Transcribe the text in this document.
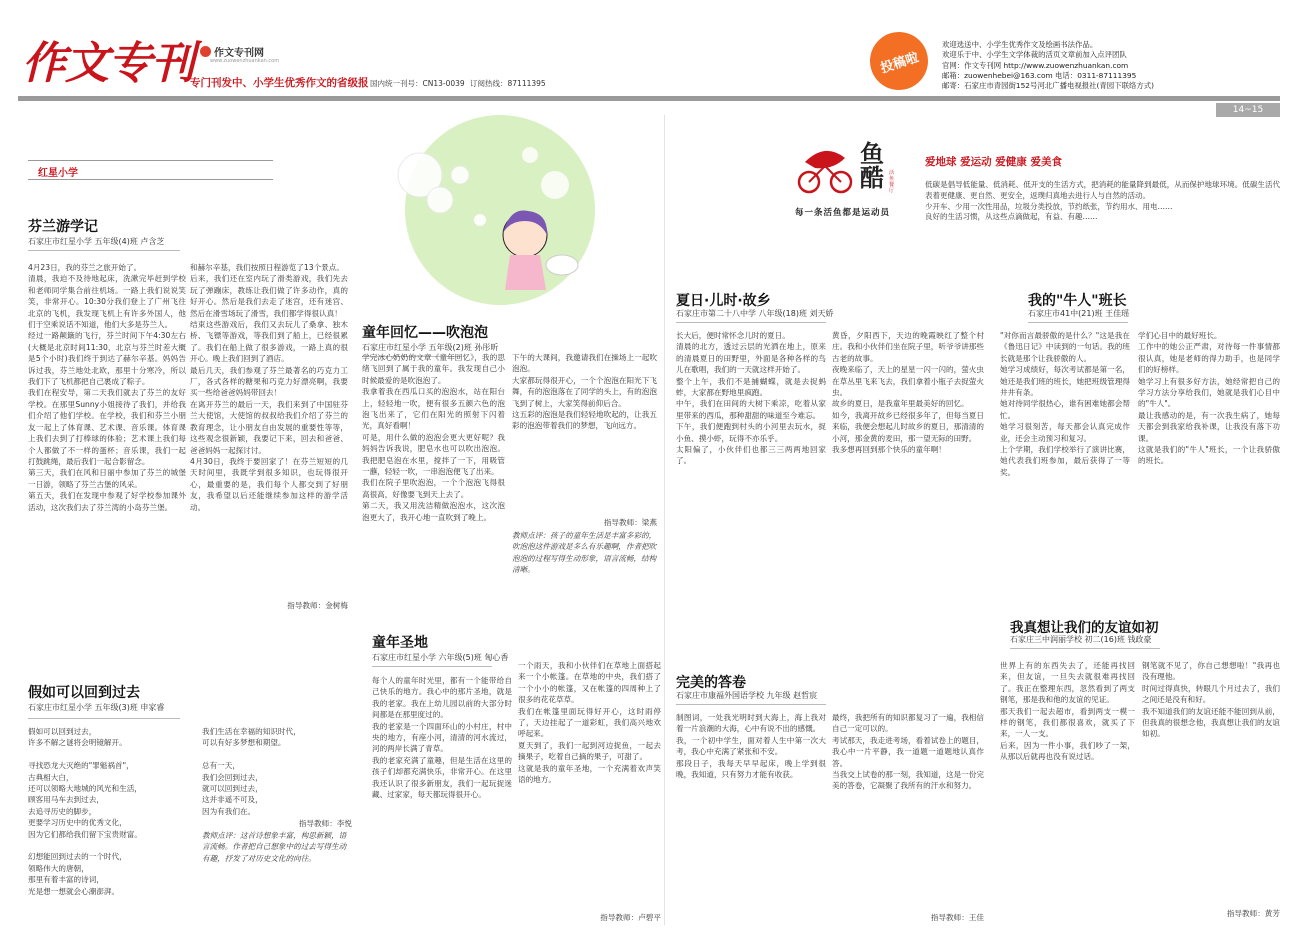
作文专刊 作文专刊网
www.zuowenzhuankan.com
专门刊发中、小学生优秀作文的省级报 国内统一刊号：CN13-0039 订阅热线：87111395
投稿啦
欢迎选送中、小学生优秀作文及绘画书法作品。
欢迎乐于中、小学生文学体裁的活页文章前加入点评团队
官网：作文专刊网 http://www.zuowenzhuankan.com
邮箱：zuowenhebei@163.com 电话：0311-87111395
邮寄：石家庄市青园街152号河北广播电视报社(青园下联络方式)
14~15
红星小学
鱼酷	活鱼餐厅
每一条活鱼都是运动员
爱地球 爱运动 爱健康 爱美食
低碳是倡导低能量、低消耗、低开支的生活方式，把消耗的能量降到最低，从而保护地球环境。低碳生活代表着更健康、更自然、更安全，返璞归真地去进行人与自然的活动。
少开车、少用一次性用品，垃圾分类投放，节约纸张，节约用水、用电……
良好的生活习惯，从这些点滴做起，有益、有趣……
芬兰游学记
石家庄市红星小学 五年级(4)班 卢含芝
4月23日，我的芬兰之旅开始了。
清晨，我迫不及待地起床，洗漱完毕赶到学校和老师同学集合前往机场。一路上我们说说笑笑，非常开心。10:30分我们登上了广州飞往北京的飞机，我发现飞机上有许多外国人，他们于空乘说话不知道，他们大多是芬兰人。
经过一路颠簸的飞行，芬兰时间下午4:30左右(大概是北京时间11:30，北京与芬兰时差大概是5个小时)我们终于到达了赫尔辛基。妈妈告诉过我，芬兰地处北欧，那里十分寒冷，所以我们下了飞机都把自己裹成了粽子。
我们在程安导，第二天我们就去了芬兰的友好学校。在那里Sunny小姐接待了我们，并给我们介绍了他们学校。在学校，我们和芬兰小朋友一起上了体育课、艺术课、音乐课。体育课上我们去到了打棒球的体验；艺术课上我们每个人都做了不一样的蛋杯；音乐课，我们一起打鼓跳绳，最后我们一起合影留念。
第三天，我们在风和日丽中参加了芬兰的城堡一日游，领略了芬兰古堡的风采。
第五天，我们在发现中参观了好学校参加课外活动，这次我们去了芬兰湾的小岛芬兰堡。
和赫尔辛基，我们按照日程游览了13个景点。
后来，我们还在室内玩了滑类游戏，我们先去玩了弹蹦床，教练让我们做了许多动作，真的好开心。然后是我们去走了迷宫，还有迷宫、然后在滑雪场玩了滑雪，我们都学得很认真！
结束这些游戏后，我们又去玩儿了桑拿、独木桥、飞镖等游戏，等我们到了船上，已经很累了。我们在船上做了很多游戏，一路上真的很开心。晚上我们回到了酒店。
最后几天，我们参观了芬兰最著名的巧克力工厂，各式各样的糖果和巧克力好漂亮啊，我要买一些给爸爸妈妈带回去！
在离开芬兰的最后一天，我们来到了中国驻芬兰大使馆，大使馆的叔叔给我们介绍了芬兰的教育理念，让小朋友自由发展的重要性等等，这些观念很新颖，我要记下来，回去和爸爸、爸爸妈妈一起探讨讨。
4月30日，我终于要回家了！在芬兰短短的几天时间里，我既学到很多知识，也玩得很开心，最重要的是，我们每个人都交到了好朋友，我希望以后还能继续参加这样的游学活动。
指导教师：金树梅
童年回忆——吹泡泡
石家庄市红星小学 五年级(2)班 孙彤昕
学完冰心奶奶的文章《童年回忆》，我的思绪飞回到了属于我的童年。我发现自己小时候最爱的是吹泡泡了。
我拿着我在西瓜口买的泡泡水，站在阳台上，轻轻地一吹，便有很多五颜六色的泡泡飞出来了，它们在阳光的照射下闪着光，真好看啊！
可是，用什么做的泡泡会更大更好呢？我妈妈告诉我说，肥皂水也可以吹出泡泡。我把肥皂泡在水里，搅拌了一下，用吸管一蘸，轻轻一吹，一串泡泡便飞了出来。
我们在院子里吹泡泡，一个个泡泡飞得很高很高，好像要飞到天上去了。
第二天，我又用洗洁精做泡泡水，这次泡泡更大了，我开心地一直吹到了晚上。
下午的大课间，我邀请我们在操场上一起吹泡泡。
大家都玩得很开心，一个个泡泡在阳光下飞舞，有的泡泡落在了同学的头上，有的泡泡飞到了树上，大家笑得前仰后合。
这五彩的泡泡是我们轻轻地吹起的，让我五彩的泡泡带着我们的梦想，飞向远方。
指导教师：梁燕
教师点评：孩子的童年生活是丰富多彩的，吹泡泡这件游戏是多么有乐趣啊，作者把吹泡泡的过程写得生动形象，语言流畅，结构清晰。
童年圣地
石家庄市红星小学 六年级(5)班 匈心香
每个人的童年时光里，都有一个能带给自己快乐的地方。我心中的那片圣地，就是我的老家。我在上幼儿园以前的大部分时间都是在那里度过的。
我的老家是一个四面环山的小村庄，村中央的地方，有座小河，清清的河水流过，河的两岸长满了青草。
我的老家充满了童趣，但是生活在这里的孩子们却都充满快乐，非常开心。在这里我还认识了很多新朋友，我们一起玩捉迷藏、过家家，每天都玩得很开心。
一个雨天，我和小伙伴们在草地上面搭起来一个小帐篷。在草地的中央，我们搭了一个小小的帐篷，又在帐篷的四周种上了很多的花花草草。
我们在帐篷里面玩得好开心，这时雨停了，天边挂起了一道彩虹，我们高兴地欢呼起来。
夏天到了，我们一起到河边捉鱼，一起去摘果子，吃着自己摘的果子，可甜了。
这就是我的童年圣地，一个充满着欢声笑语的地方。
指导教师：卢碧平
假如可以回到过去
石家庄市红星小学 五年级(3)班 申家睿
假如可以回到过去，
许多不解之谜将会明镜解开。

寻找恐龙大灭绝的"罪魁祸首"，
古典相大白，
还可以领略大地城的风光和生活，
顾客用马车去到过去，
去追寻历史的脚步，
更要学习历史中的优秀文化，
因为它们都给我们留下宝贵财富。

幻想能回到过去的一个时代，
领略伟大的唐朝，
那里有着丰富的诗词，
光是想一想就会心潮澎湃。
我们生活在幸福的知识时代，
可以有好多梦想和期望。

总有一天，
我们会回到过去，
就可以回到过去，
这并非遥不可及，
因为有我们在。
指导教师：李悦
教师点评：这首诗想象丰富，构思新颖，语言流畅。作者把自己想象中的过去写得生动有趣，抒发了对历史文化的向往。
夏日·儿时·故乡
石家庄市第二十八中学 八年级(18)班 刘天娇
长大后，便时常怀念儿时的夏日。
清晨的北方，透过云层的光洒在地上，原来的清晨夏日的田野里，外面是各种各样的鸟儿在歌唱，我们的一天就这样开始了。
整个上午，我们不是捕蝴蝶，就是去捉蚂蚱，大家都在野地里疯跑。
中午，我们在田间的大树下乘凉，吃着从家里带来的西瓜，那种甜甜的味道至今难忘。
下午，我们便跑到村头的小河里去玩水，捉小鱼、摸小虾，玩得不亦乐乎。
太阳偏了，小伙伴们也都三三两两地回家了。
黄昏，夕阳西下，天边的晚霞映红了整个村庄。我和小伙伴们坐在院子里，听爷爷讲那些古老的故事。
夜晚来临了，天上的星星一闪一闪的，萤火虫在草丛里飞来飞去，我们拿着小瓶子去捉萤火虫。
故乡的夏日，是我童年里最美好的回忆。
如今，我离开故乡已经很多年了，但每当夏日来临，我便会想起儿时故乡的夏日，那清清的小河，那金黄的麦田，那一望无际的田野。
我多想再回到那个快乐的童年啊！
完美的答卷
石家庄市康福外国语学校 九年级 赵哲宸
制图词，一处我光明时到大海上，海上我对着一片浪潮的大海，心中有说不出的感慨。
我，一个初中学生，面对着人生中第一次大考，我心中充满了紧张和不安。
那段日子，我每天早早起床，晚上学到很晚，我知道，只有努力才能有收获。
最终，我把所有的知识都复习了一遍，我相信自己一定可以的。
考试那天，我走进考场，看着试卷上的题目，我心中一片平静，我一道题一道题地认真作答。
当我交上试卷的那一刻，我知道，这是一份完美的答卷，它凝聚了我所有的汗水和努力。
指导教师：王佳
我的"牛人"班长
石家庄市41中(21)班 王佳瑶
"对你而言最骄傲的是什么？"这是我在《鲁迅日记》中读到的一句话。我的班长就是那个让我骄傲的人。
她学习成绩好，每次考试都是第一名，她还是我们班的班长，她把班级管理得井井有条。
她对待同学很热心，谁有困难她都会帮忙。
她学习很刻苦，每天都会认真完成作业，还会主动预习和复习。
上个学期，我们学校举行了演讲比赛，她代表我们班参加，最后获得了一等奖。
学们心目中的最好班长。
工作中的她公正严肃，对待每一件事情都很认真，她是老师的得力助手，也是同学们的好榜样。
她学习上有很多好方法，她经常把自己的学习方法分享给我们，她就是我们心目中的"牛人"。
最让我感动的是，有一次我生病了，她每天都会到我家给我补课，让我没有落下功课。
这就是我们的"牛人"班长，一个让我骄傲的班长。
我真想让我们的友谊如初
石家庄三中润丽学校 初二(16)班 钱政豪
世界上有的东西失去了，还能再找回来，但友谊，一旦失去就很难再找回了。我正在整理东西，忽然看到了两支钢笔，那是我和他的友谊的见证。
那天我们一起去超市，看到两支一模一样的钢笔，我们都很喜欢，就买了下来，一人一支。
后来，因为一件小事，我们吵了一架，从那以后就再也没有说过话。
钢笔就不见了，你自己想想啦！"我再也没有理他。
时间过得真快，转眼几个月过去了，我们之间还是没有和好。
我不知道我们的友谊还能不能回到从前，但我真的很想念他，我真想让我们的友谊如初。
指导教师：黄芳
